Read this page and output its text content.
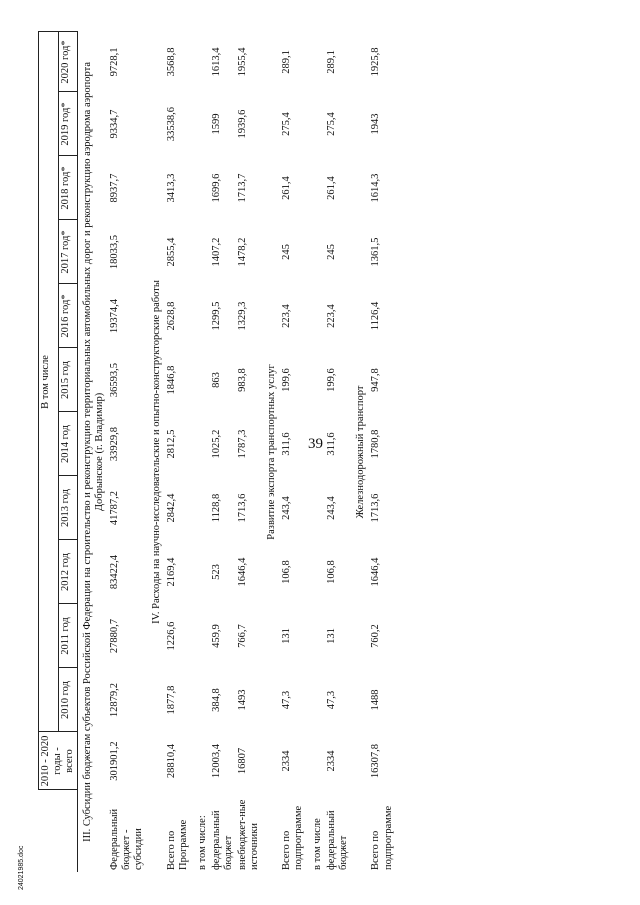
39
	2010 - 2020 годы - всего	В том числе										
		2010 год	2011 год	2012 год	2013 год	2014 год	2015 год	2016 год*	2017 год*	2018 год*	2019 год*	2020 год*
III. Субсидии бюджетам субъектов Российской Федерации на строительство и реконструкцию территориальных автомобильных дорог и реконструкцию аэродрома аэропорта Добрынское (г. Владимир)												
Федеральный бюджет - субсидии	301901,2	12879,2	27880,7	83422,4	41787,2	33929,8	36593,5	19374,4	18033,5	8937,7	9334,7	9728,1
IV. Расходы на научно-исследовательские и опытно-конструкторские работы												
Всего по Программе	28810,4	1877,8	1226,6	2169,4	2842,4	2812,5	1846,8	2628,8	2855,4	3413,3	33538,6	3568,8
в том числе:												
федеральный бюджет	12003,4	384,8	459,9	523	1128,8	1025,2	863	1299,5	1407,2	1699,6	1599	1613,4
внебюджет-ные источники	16807	1493	766,7	1646,4	1713,6	1787,3	983,8	1329,3	1478,2	1713,7	1939,6	1955,4
Развитие экспорта транспортных услуг												
Всего по подпрограмме	2334	47,3	131	106,8	243,4	311,6	199,6	223,4	245	261,4	275,4	289,1
в том числе												
федеральный бюджет	2334	47,3	131	106,8	243,4	311,6	199,6	223,4	245	261,4	275,4	289,1
Железнодорожный транспорт												
Всего по подпрограмме	16307,8	1488	760,2	1646,4	1713,6	1780,8	947,8	1126,4	1361,5	1614,3	1943	1925,8
24021985.doc
